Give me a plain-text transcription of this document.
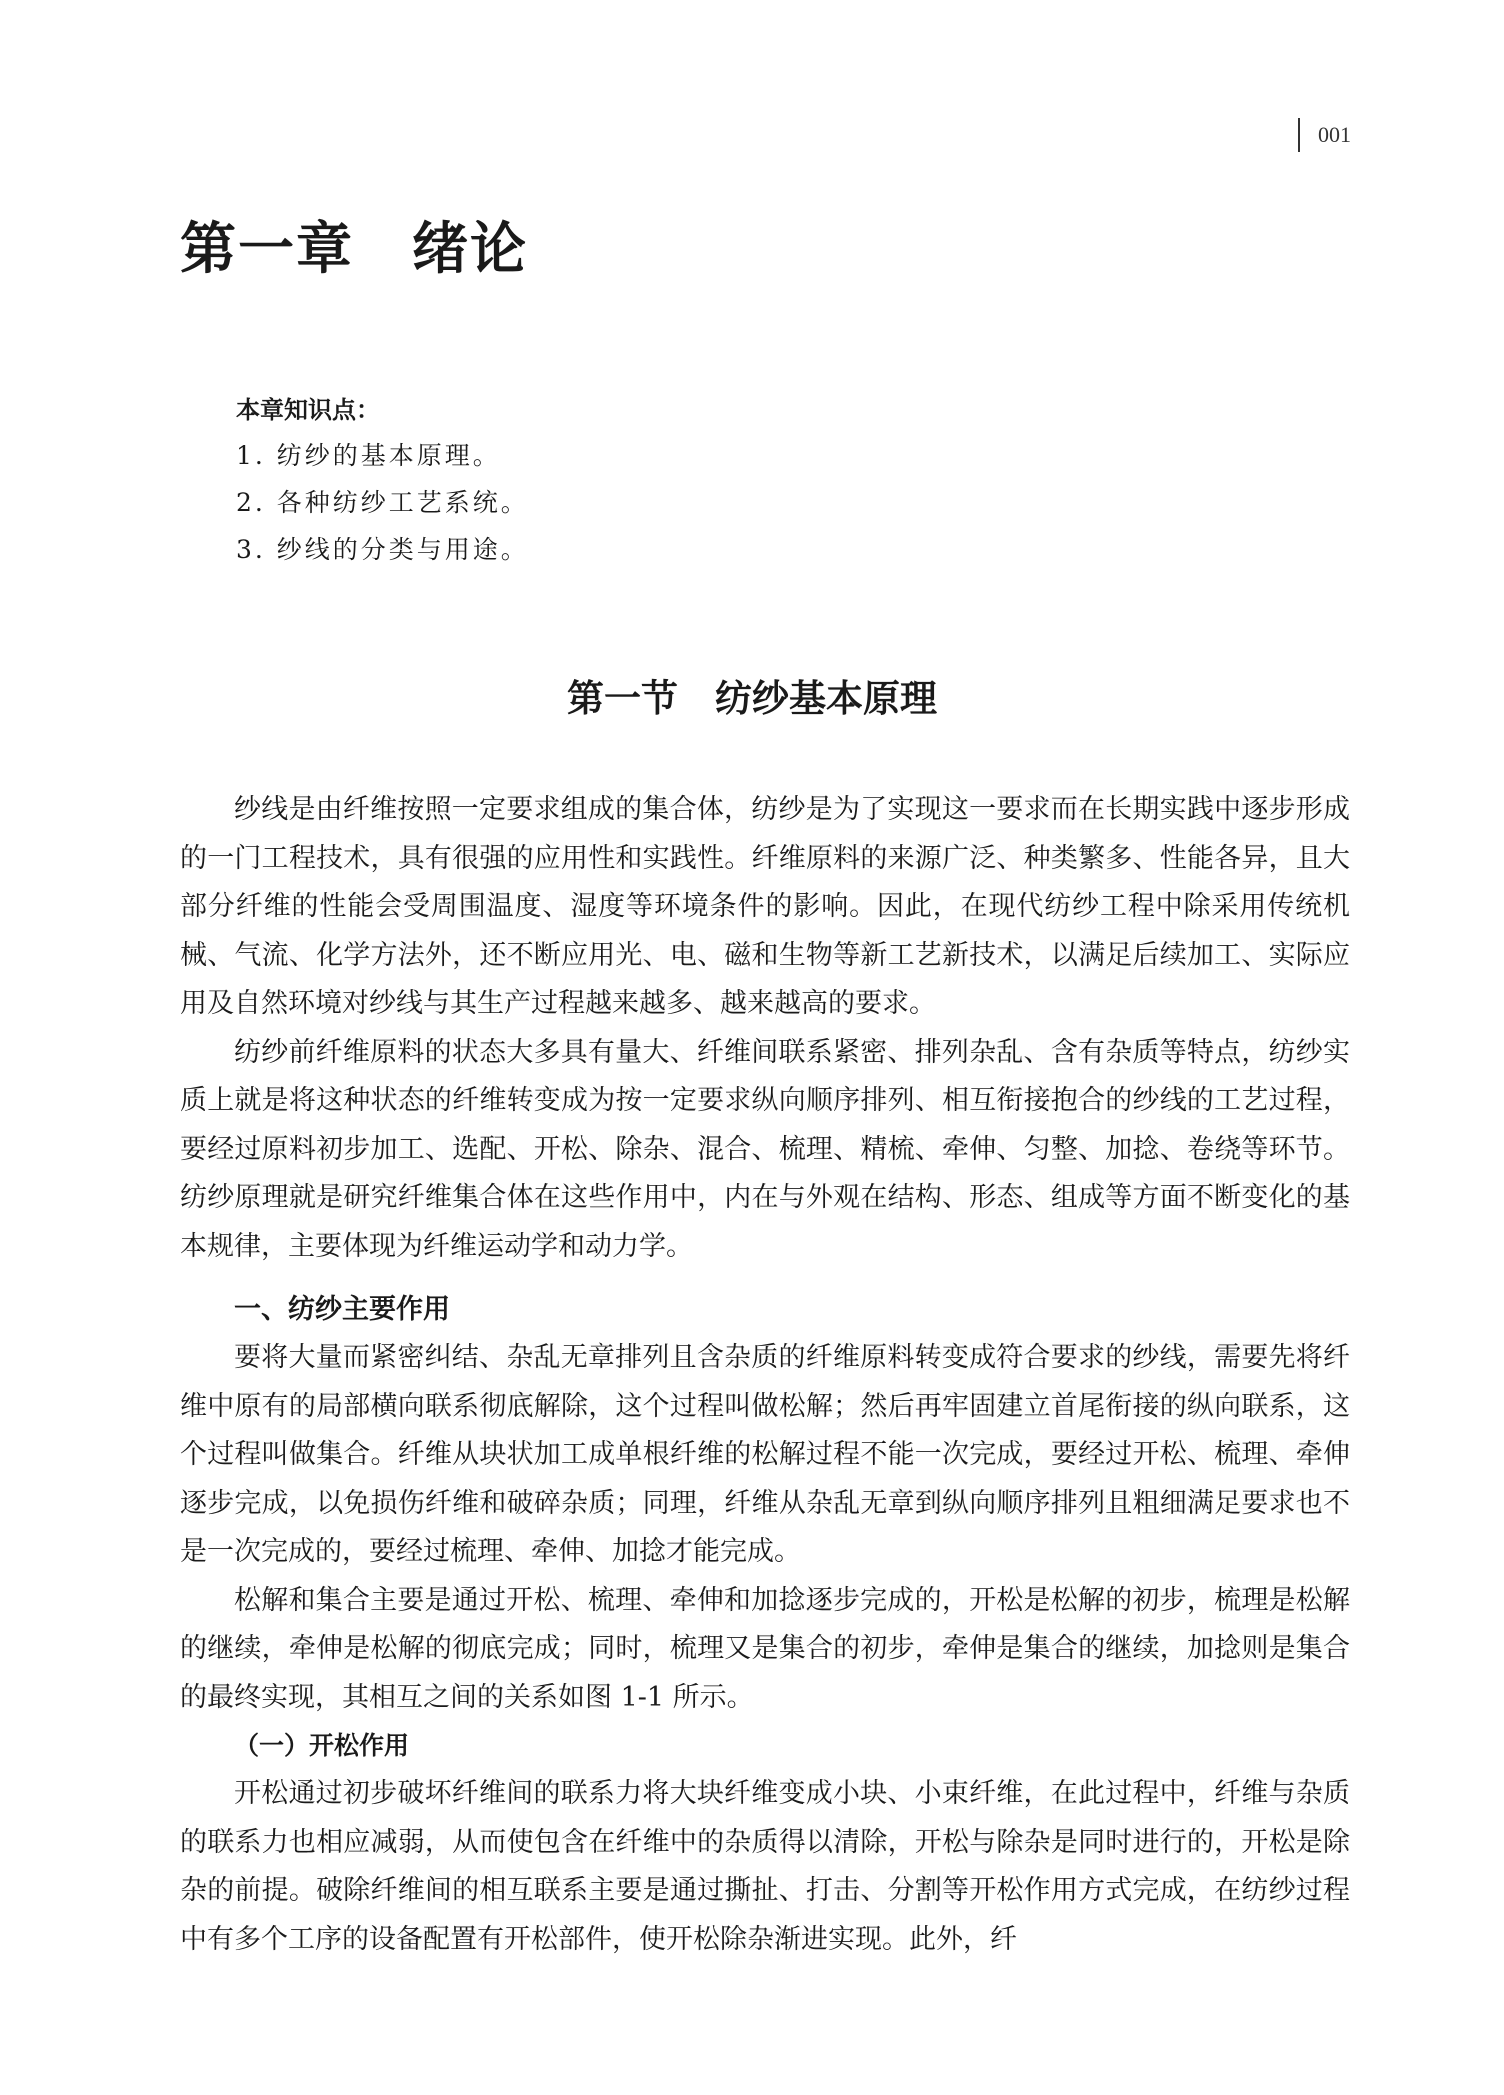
001
第一章　绪论
本章知识点：
1. 纺纱的基本原理。
2. 各种纺纱工艺系统。
3. 纱线的分类与用途。
第一节　纺纱基本原理

纱线是由纤维按照一定要求组成的集合体，纺纱是为了实现这一要求而在长期实践中逐步形成的一门工程技术，具有很强的应用性和实践性。纤维原料的来源广泛、种类繁多、性能各异，且大部分纤维的性能会受周围温度、湿度等环境条件的影响。因此，在现代纺纱工程中除采用传统机械、气流、化学方法外，还不断应用光、电、磁和生物等新工艺新技术，以满足后续加工、实际应用及自然环境对纱线与其生产过程越来越多、越来越高的要求。

纺纱前纤维原料的状态大多具有量大、纤维间联系紧密、排列杂乱、含有杂质等特点，纺纱实质上就是将这种状态的纤维转变成为按一定要求纵向顺序排列、相互衔接抱合的纱线的工艺过程，要经过原料初步加工、选配、开松、除杂、混合、梳理、精梳、牵伸、匀整、加捻、卷绕等环节。纺纱原理就是研究纤维集合体在这些作用中，内在与外观在结构、形态、组成等方面不断变化的基本规律，主要体现为纤维运动学和动力学。

一、纺纱主要作用

要将大量而紧密纠结、杂乱无章排列且含杂质的纤维原料转变成符合要求的纱线，需要先将纤维中原有的局部横向联系彻底解除，这个过程叫做松解；然后再牢固建立首尾衔接的纵向联系，这个过程叫做集合。纤维从块状加工成单根纤维的松解过程不能一次完成，要经过开松、梳理、牵伸逐步完成，以免损伤纤维和破碎杂质；同理，纤维从杂乱无章到纵向顺序排列且粗细满足要求也不是一次完成的，要经过梳理、牵伸、加捻才能完成。

松解和集合主要是通过开松、梳理、牵伸和加捻逐步完成的，开松是松解的初步，梳理是松解的继续，牵伸是松解的彻底完成；同时，梳理又是集合的初步，牵伸是集合的继续，加捻则是集合的最终实现，其相互之间的关系如图 1-1 所示。

（一）开松作用

开松通过初步破坏纤维间的联系力将大块纤维变成小块、小束纤维，在此过程中，纤维与杂质的联系力也相应减弱，从而使包含在纤维中的杂质得以清除，开松与除杂是同时进行的，开松是除杂的前提。破除纤维间的相互联系主要是通过撕扯、打击、分割等开松作用方式完成，在纺纱过程中有多个工序的设备配置有开松部件，使开松除杂渐进实现。此外，纤
